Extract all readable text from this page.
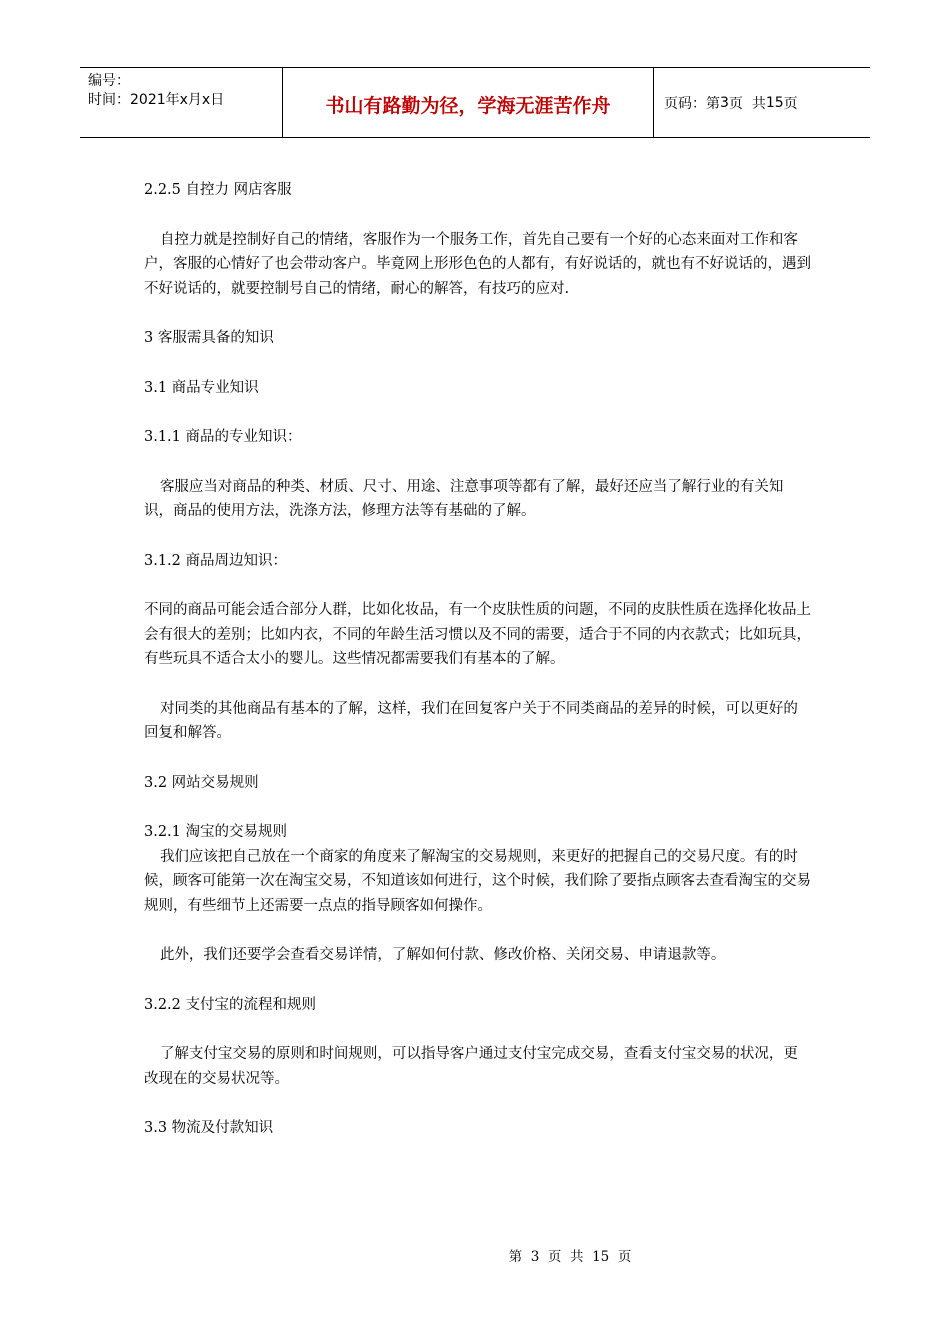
编号：
时间：2021年x月x日	书山有路勤为径，学海无涯苦作舟	页码：第 3 页  共 15 页

2.2.5 自控力 网店客服

自控力就是控制好自己的情绪，客服作为一个服务工作，首先自己要有一个好的心态来面对工作和客户，客服的心情好了也会带动客户。毕竟网上形形色色的人都有，有好说话的，就也有不好说话的，遇到不好说话的，就要控制号自己的情绪，耐心的解答，有技巧的应对.

3 客服需具备的知识

3.1 商品专业知识

3.1.1 商品的专业知识：

客服应当对商品的种类、材质、尺寸、用途、注意事项等都有了解，最好还应当了解行业的有关知识，商品的使用方法，洗涤方法，修理方法等有基础的了解。

3.1.2 商品周边知识：

不同的商品可能会适合部分人群，比如化妆品，有一个皮肤性质的问题，不同的皮肤性质在选择化妆品上会有很大的差别；比如内衣，不同的年龄生活习惯以及不同的需要，适合于不同的内衣款式；比如玩具，有些玩具不适合太小的婴儿。这些情况都需要我们有基本的了解。

对同类的其他商品有基本的了解，这样，我们在回复客户关于不同类商品的差异的时候，可以更好的回复和解答。

3.2 网站交易规则

3.2.1 淘宝的交易规则

我们应该把自己放在一个商家的角度来了解淘宝的交易规则，来更好的把握自己的交易尺度。有的时候，顾客可能第一次在淘宝交易，不知道该如何进行，这个时候，我们除了要指点顾客去查看淘宝的交易规则，有些细节上还需要一点点的指导顾客如何操作。

此外，我们还要学会查看交易详情，了解如何付款、修改价格、关闭交易、申请退款等。

3.2.2 支付宝的流程和规则

了解支付宝交易的原则和时间规则，可以指导客户通过支付宝完成交易，查看支付宝交易的状况，更改现在的交易状况等。

3.3 物流及付款知识

第 3 页  共 15 页
